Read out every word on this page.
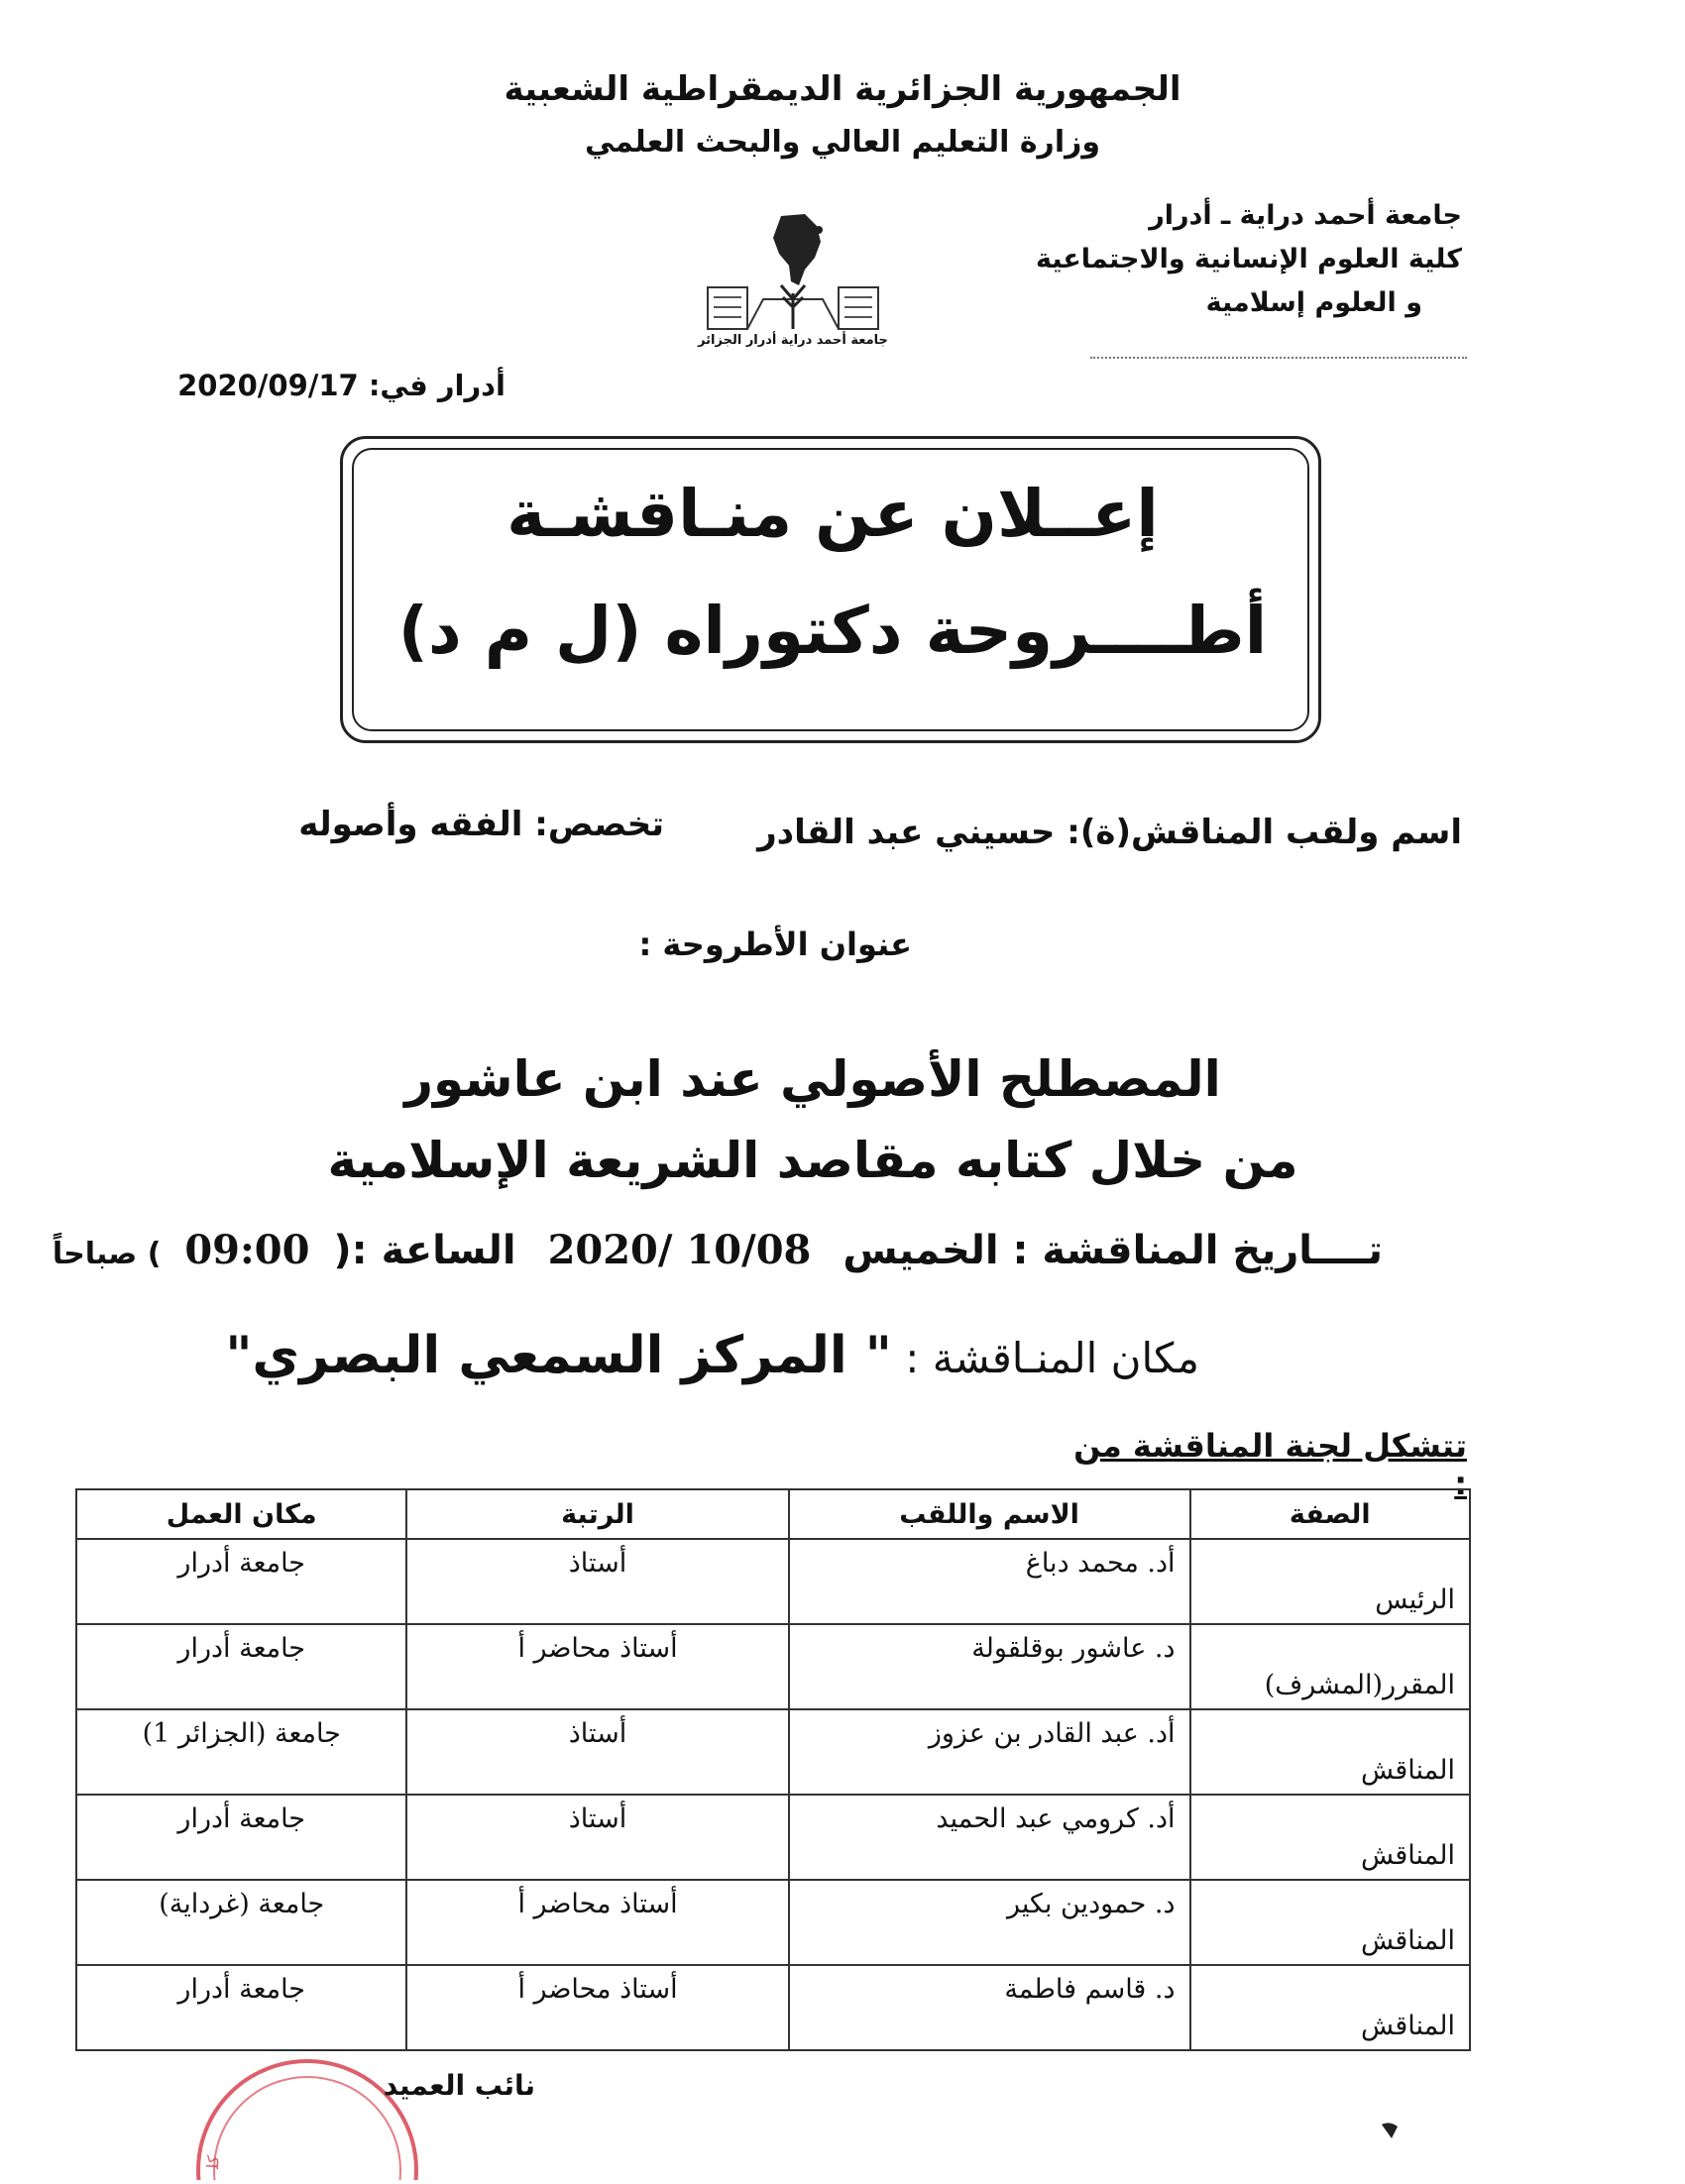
الجمهورية الجزائرية الديمقراطية الشعبية
وزارة التعليم العالي والبحث العلمي
جامعة أحمد دراية ـ أدرار
كلية العلوم الإنسانية والاجتماعية
و العلوم إسلامية
جامعة أحمد دراية أدرار الجزائر
أدرار في: 2020/09/17
إعــلان عن منـاقشـة
أطــــروحة دكتوراه (ل م د)
اسم ولقب المناقش(ة): حسيني عبد القادر
تخصص: الفقه وأصوله
عنوان الأطروحة :
المصطلح الأصولي عند ابن عاشور
من خلال كتابه مقاصد الشريعة الإسلامية
تــــاريخ المناقشة : الخميس 2020/ 10/08 الساعة :( 09:00 ) صباحاً
مكان المنـاقشة : " المركز السمعي البصري"
تتشكل لجنة المناقشة من :
الصفة	الاسم واللقب	الرتبة	مكان العمل
الرئيس	أد. محمد دباغ	أستاذ	جامعة أدرار
المقرر(المشرف)	د. عاشور بوقلقولة	أستاذ محاضر أ	جامعة أدرار
المناقش	أد. عبد القادر بن عزوز	أستاذ	جامعة (الجزائر 1)
المناقش	أد. كرومي عبد الحميد	أستاذ	جامعة أدرار
المناقش	د. حمودين بكير	أستاذ محاضر أ	جامعة (غرداية)
المناقش	د. قاسم فاطمة	أستاذ محاضر أ	جامعة أدرار
كل
نائب العميد
